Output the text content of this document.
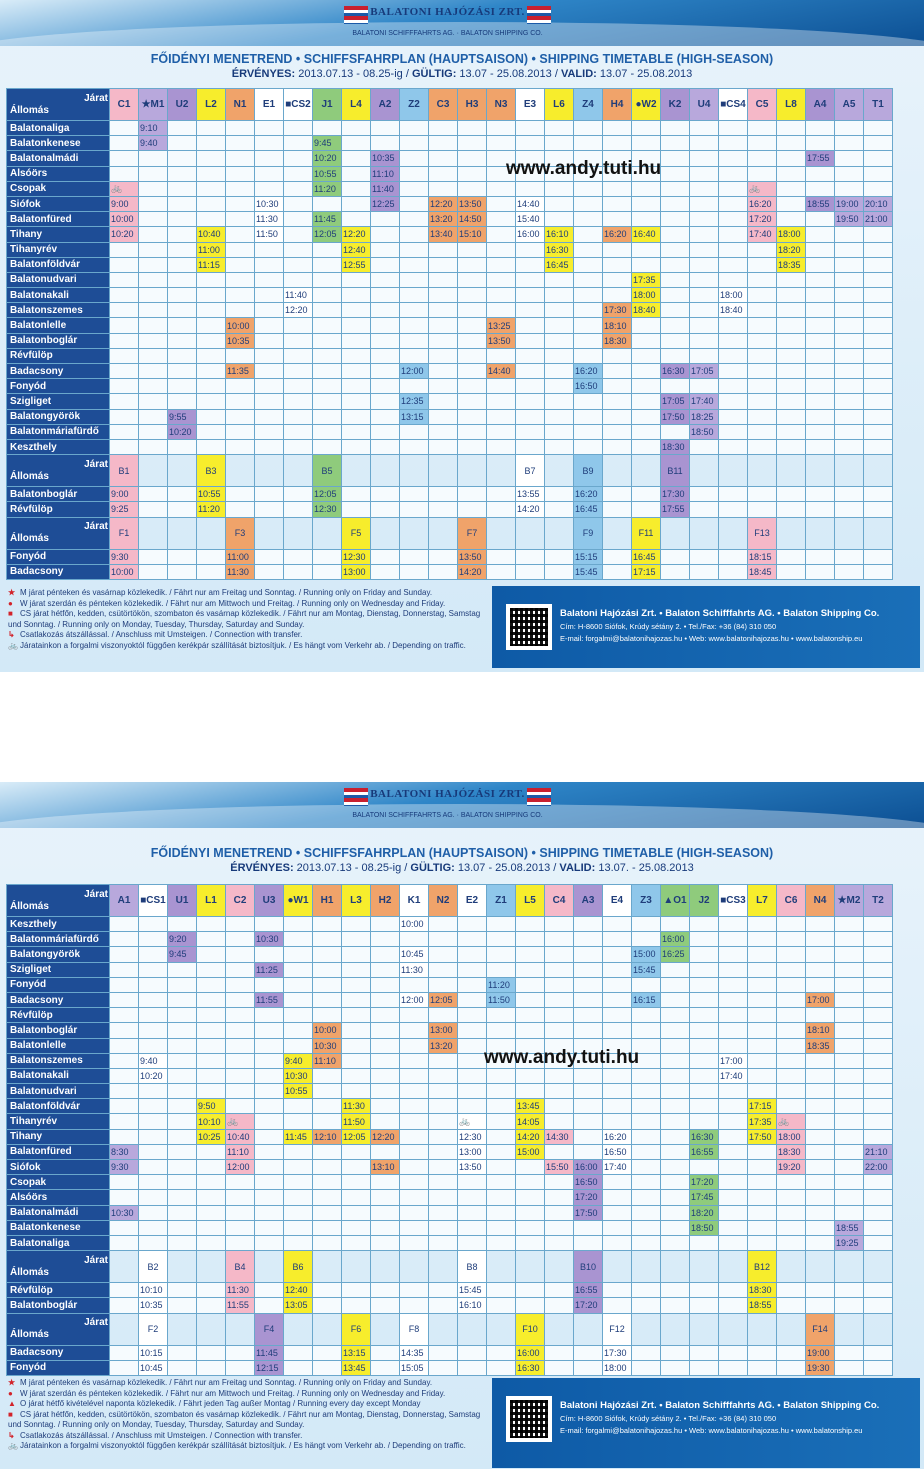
BALATONI HAJÓZÁSI ZRT.
BALATONI SCHIFFFAHRTS AG. · BALATON SHIPPING CO.
FŐIDÉNYI MENETREND • SCHIFFSFAHRPLAN (HAUPTSAISON) • SHIPPING TIMETABLE (HIGH-SEASON)
ÉRVÉNYES: 2013.07.13 - 08.25-ig / GÜLTIG: 13.07 - 25.08.2013 / VALID: 13.07 - 25.08.2013
Járat
Állomás	C1	★M1	U2	L2	N1	E1	■CS2	J1	L4	A2	Z2	C3	H3	N3	E3	L6	Z4	H4	●W2	K2	U4	■CS4	C5	L8	A4	A5	T1
Balatonaliga		9:10																									
Balatonkenese		9:40						9:45																			
Balatonalmádi								10:20		10:35															17:55		
Alsóörs								10:55		11:10																	
Csopak	🚲							11:20		11:40													🚲				
Siófok	9:00					10:30				12:25		12:20	13:50		14:40								16:20		18:55	19:00	20:10
Balatonfüred	10:00					11:30		11:45				13:20	14:50		15:40								17:20			19:50	21:00
Tihany	10:20			10:40		11:50		12:05	12:20			13:40	15:10		16:00	16:10		16:20	16:40				17:40	18:00			
Tihanyrév				11:00					12:40							16:30								18:20			
Balatonföldvár				11:15					12:55							16:45								18:35			
Balatonudvari																			17:35								
Balatonakali							11:40												18:00			18:00					
Balatonszemes							12:20											17:30	18:40			18:40					
Balatonlelle					10:00									13:25				18:10									
Balatonboglár					10:35									13:50				18:30									
Révfülöp																											
Badacsony					11:35						12:00			14:40			16:20			16:30	17:05						
Fonyód																	16:50										
Szigliget											12:35									17:05	17:40						
Balatongyörök			9:55								13:15									17:50	18:25						
Balatonmáriafürdő			10:20																		18:50						
Keszthely																				18:30							

Járat
Állomás	B1			B3				B5							B7		B9			B11							
Balatonboglár	9:00			10:55				12:05							13:55		16:20			17:30							
Révfülöp	9:25			11:20				12:30							14:20		16:45			17:55							

Járat
Állomás	F1				F3				F5				F7				F9		F11				F13				
Fonyód	9:30				11:00				12:30				13:50				15:15		16:45				18:15				
Badacsony	10:00				11:30				13:00				14:20				15:45		17:15				18:45				
www.andy.tuti.hu
★ M járat pénteken és vasárnap közlekedik. / Fährt nur am Freitag und Sonntag. / Running only on Friday and Sunday.
● W járat szerdán és pénteken közlekedik. / Fährt nur am Mittwoch und Freitag. / Running only on Wednesday and Friday.
■ CS járat hétfőn, kedden, csütörtökön, szombaton és vasárnap közlekedik. / Fährt nur am Montag, Dienstag, Donnerstag, Samstag und Sonntag. / Running only on Monday, Tuesday, Thursday, Saturday and Sunday.
↳ Csatlakozás átszállással. / Anschluss mit Umsteigen. / Connection with transfer.
🚲 Járatainkon a forgalmi viszonyoktól függően kerékpár szállítását biztosítjuk. / Es hängt vom Verkehr ab. / Depending on traffic.
Balatoni Hajózási Zrt. • Balaton Schifffahrts AG. • Balaton Shipping Co.
Cím: H-8600 Siófok, Krúdy sétány 2. • Tel./Fax: +36 (84) 310 050
E-mail: forgalmi@balatonihajozas.hu • Web: www.balatonihajozas.hu • www.balatonship.eu
BALATONI HAJÓZÁSI ZRT.
BALATONI SCHIFFFAHRTS AG. · BALATON SHIPPING CO.
FŐIDÉNYI MENETREND • SCHIFFSFAHRPLAN (HAUPTSAISON) • SHIPPING TIMETABLE (HIGH-SEASON)
ÉRVÉNYES: 2013.07.13 - 08.25-ig / GÜLTIG: 13.07 - 25.08.2013 / VALID: 13.07. - 25.08.2013
Járat
Állomás	A1	■CS1	U1	L1	C2	U3	●W1	H1	L3	H2	K1	N2	E2	Z1	L5	C4	A3	E4	Z3	▲O1	J2	■CS3	L7	C6	N4	★M2	T2
Keszthely											10:00																
Balatonmáriafürdő			9:20			10:30														16:00							
Balatongyörök			9:45								10:45								15:00	16:25							
Szigliget						11:25					11:30								15:45								
Fonyód														11:20													
Badacsony						11:55					12:00	12:05		11:50					16:15						17:00		
Révfülöp																											
Balatonboglár								10:00				13:00													18:10		
Balatonlelle								10:30				13:20													18:35		
Balatonszemes		9:40					9:40	11:10														17:00					
Balatonakali		10:20					10:30															17:40					
Balatonudvari							10:55																				
Balatonföldvár				9:50					11:30						13:45								17:15				
Tihanyrév				10:10	🚲				11:50				🚲		14:05								17:35	🚲			
Tihany				10:25	10:40		11:45	12:10	12:05	12:20			12:30		14:20	14:30		16:20			16:30		17:50	18:00			
Balatonfüred	8:30				11:10								13:00		15:00			16:50			16:55			18:30			21:10
Siófok	9:30				12:00					13:10			13:50			15:50	16:00	17:40						19:20			22:00
Csopak																	16:50				17:20						
Alsóörs																	17:20				17:45						
Balatonalmádi	10:30																17:50				18:20						
Balatonkenese																					18:50					18:55	
Balatonaliga																										19:25	

Járat
Állomás		B2			B4		B6						B8				B10						B12				
Révfülöp		10:10			11:30		12:40						15:45				16:55						18:30				
Balatonboglár		10:35			11:55		13:05						16:10				17:20						18:55				

Járat
Állomás		F2				F4			F6		F8				F10			F12							F14		
Badacsony		10:15				11:45			13:15		14:35				16:00			17:30							19:00		
Fonyód		10:45				12:15			13:45		15:05				16:30			18:00							19:30		
www.andy.tuti.hu
★ M járat pénteken és vasárnap közlekedik. / Fährt nur am Freitag und Sonntag. / Running only on Friday and Sunday.
● W járat szerdán és pénteken közlekedik. / Fährt nur am Mittwoch und Freitag. / Running only on Wednesday and Friday.
▲ O járat hétfő kivételével naponta közlekedik. / Fährt jeden Tag außer Montag / Running every day except Monday
■ CS járat hétfőn, kedden, csütörtökön, szombaton és vasárnap közlekedik. / Fährt nur am Montag, Dienstag, Donnerstag, Samstag und Sonntag. / Running only on Monday, Tuesday, Thursday, Saturday and Sunday.
↳ Csatlakozás átszállással. / Anschluss mit Umsteigen. / Connection with transfer.
🚲 Járatainkon a forgalmi viszonyoktól függően kerékpár szállítását biztosítjuk. / Es hängt vom Verkehr ab. / Depending on traffic.
Balatoni Hajózási Zrt. • Balaton Schifffahrts AG. • Balaton Shipping Co.
Cím: H-8600 Siófok, Krúdy sétány 2. • Tel./Fax: +36 (84) 310 050
E-mail: forgalmi@balatonihajozas.hu • Web: www.balatonihajozas.hu • www.balatonship.eu
